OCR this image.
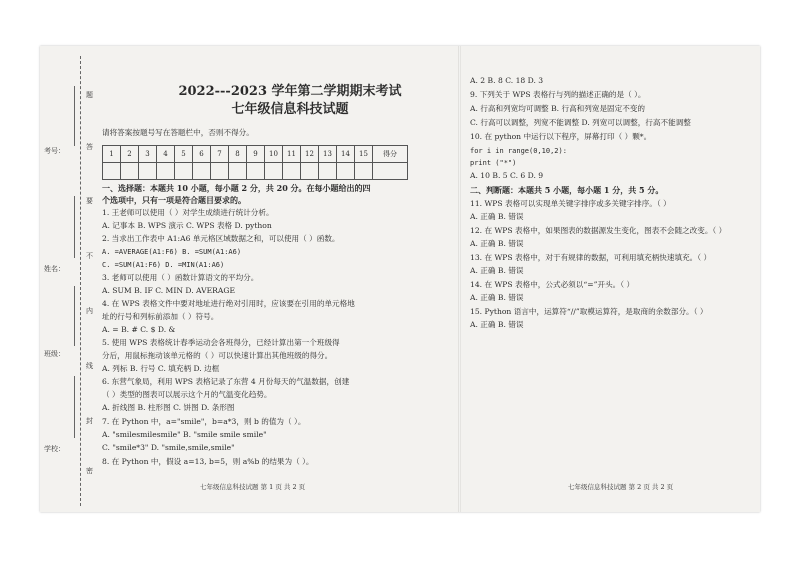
考号：
姓名：
班级：
学校：
题
答
要
不
内
线
封
密
2022---2023 学年第二学期期末考试
七年级信息科技试题
请将答案按题号写在答题栏中，否则不得分。
1	2	3	4	5	6	7	8	9	10	11	12	13	14	15	得分

一、选择题：本题共 10 小题，每小题 2 分，共 20 分。在每小题给出的四
个选项中，只有一项是符合题目要求的。
1. 王老师可以使用（ ）对学生成绩进行统计分析。
A. 记事本 B. WPS 演示 C. WPS 表格 D. python
2. 当求出工作表中 A1:A6 单元格区域数据之和，可以使用（ ）函数。
A. =AVERAGE(A1:F6) B. =SUM(A1:A6)
C. =SUM(A1:F6) D. =MIN(A1:A6)
3. 老师可以使用（ ）函数计算语文的平均分。
A. SUM B. IF C. MIN D. AVERAGE
4. 在 WPS 表格文件中要对地址进行绝对引用时，应该要在引用的单元格地
址的行号和列标前添加（ ）符号。
A. = B. # C. $ D. &
5. 使用 WPS 表格统计春季运动会各班得分，已经计算出第一个班级得
分后，用鼠标拖动该单元格的（ ）可以快速计算出其他班级的得分。
A. 列标 B. 行号 C. 填充柄 D. 边框
6. 东营气象局，利用 WPS 表格记录了东营 4 月份每天的气温数据，创建
（ ）类型的图表可以展示这个月的气温变化趋势。
A. 折线图 B. 柱形图 C. 饼图 D. 条形图
7. 在 Python 中，a="smile"，b=a*3，则 b 的值为（ ）。
A. "smilesmilesmile" B. "smile smile smile"
C. "smile*3" D. "smile,smile,smile"
8. 在 Python 中，假设 a=13, b=5，则 a%b 的结果为（ ）。
七年级信息科技试题 第 1 页 共 2 页
A. 2 B. 8 C. 18 D. 3
9. 下列关于 WPS 表格行与列的描述正确的是（ ）。
A. 行高和列宽均可调整 B. 行高和列宽是固定不变的
C. 行高可以调整，列宽不能调整 D. 列宽可以调整，行高不能调整
10. 在 python 中运行以下程序，屏幕打印（ ）颗*。
for i in range(0,10,2):
print ("*")
A. 10 B. 5 C. 6 D. 9
二、判断题：本题共 5 小题，每小题 1 分，共 5 分。
11. WPS 表格可以实现单关键字排序或多关键字排序。（ ）
A. 正确 B. 错误
12. 在 WPS 表格中，如果图表的数据源发生变化，图表不会随之改变。（ ）
A. 正确 B. 错误
13. 在 WPS 表格中，对于有规律的数据，可利用填充柄快速填充。（ ）
A. 正确 B. 错误
14. 在 WPS 表格中，公式必须以“=”开头。（ ）
A. 正确 B. 错误
15. Python 语言中，运算符“//”取模运算符，是取商的余数部分。（ ）
A. 正确 B. 错误
七年级信息科技试题 第 2 页 共 2 页
